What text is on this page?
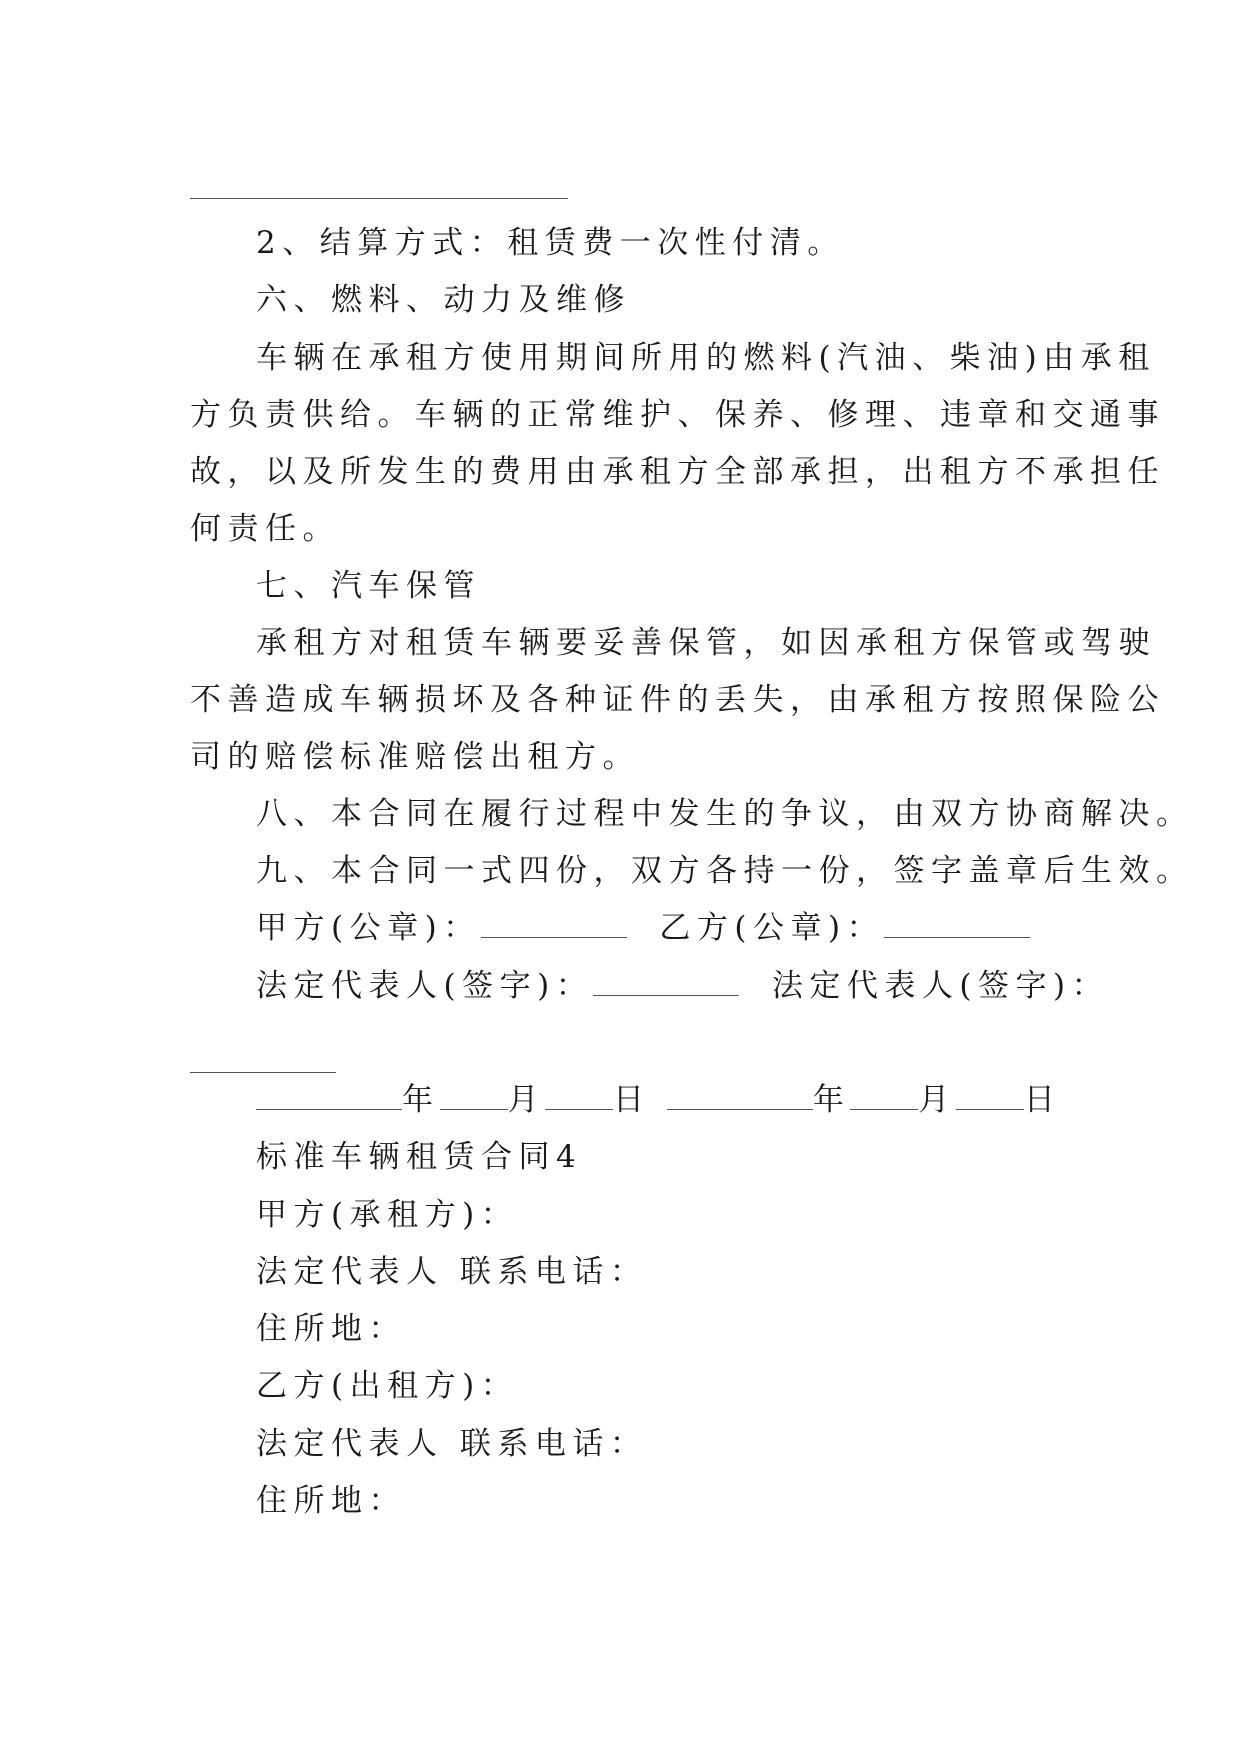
2、结算方式：租赁费一次性付清。
六、燃料、动力及维修
车辆在承租方使用期间所用的燃料(汽油、柴油)由承租
方负责供给。车辆的正常维护、保养、修理、违章和交通事
故，以及所发生的费用由承租方全部承担，出租方不承担任
何责任。
七、汽车保管
承租方对租赁车辆要妥善保管，如因承租方保管或驾驶
不善造成车辆损坏及各种证件的丢失，由承租方按照保险公
司的赔偿标准赔偿出租方。
八、本合同在履行过程中发生的争议，由双方协商解决。
九、本合同一式四份，双方各持一份，签字盖章后生效。
甲方(公章)：	乙方(公章)：
法定代表人(签字)：	法定代表人(签字)：
年 月 日	年 月 日
标准车辆租赁合同4
甲方(承租方)：
法定代表人 联系电话：
住所地：
乙方(出租方)：
法定代表人 联系电话：
住所地：
